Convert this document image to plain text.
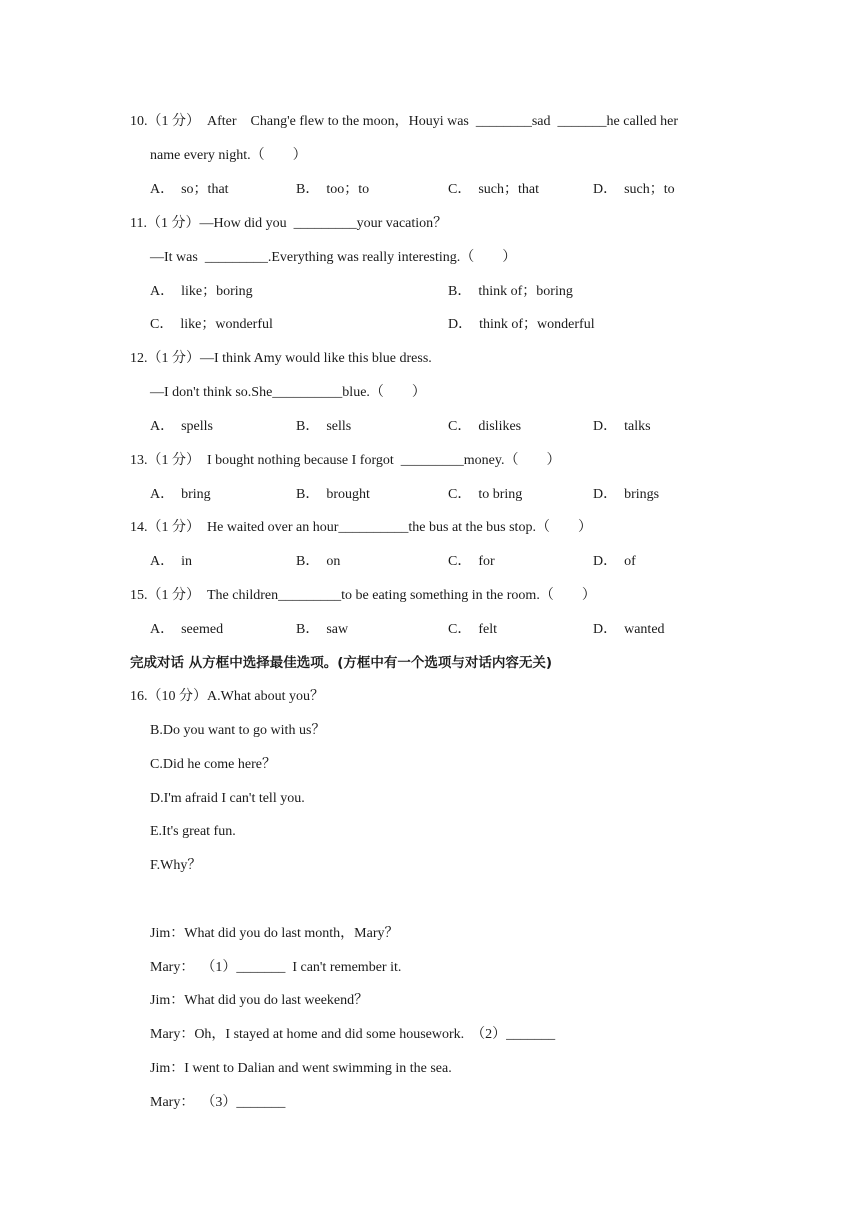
10.（1 分）  After    Chang'e flew to the moon，Houyi was  ________sad  _______he called her
name every night.（        ）
A．  so；that	B．  too；to	C．  such；that	D．  such；to
11.（1 分）—How did you  _________your vacation？
—It was  _________.Everything was really interesting.（        ）
A．  like；boring	B．  think of；boring
C．  like；wonderful	D．  think of；wonderful
12.（1 分）—I think Amy would like this blue dress.
—I don't think so.She__________blue.（        ）
A．  spells	B．  sells	C．  dislikes	D．  talks
13.（1 分）  I bought nothing because I forgot  _________money.（        ）
A．  bring	B．  brought	C．  to bring	D．  brings
14.（1 分）  He waited over an hour__________the bus at the bus stop.（        ）
A．  in	B．  on	C．  for	D．  of
15.（1 分）  The children_________to be eating something in the room.（        ）
A．  seemed	B．  saw	C．  felt	D．  wanted
完成对话 从方框中选择最佳选项。(方框中有一个选项与对话内容无关)
16.（10 分）A.What about you？
B.Do you want to go with us？
C.Did he come here？
D.I'm afraid I can't tell you.
E.It's great fun.
F.Why？
Jim：What did you do last month，Mary？
Mary：  （1）_______  I can't remember it.
Jim：What did you do last weekend？
Mary：Oh，I stayed at home and did some housework.  （2）_______
Jim：I went to Dalian and went swimming in the sea.
Mary：  （3）_______
